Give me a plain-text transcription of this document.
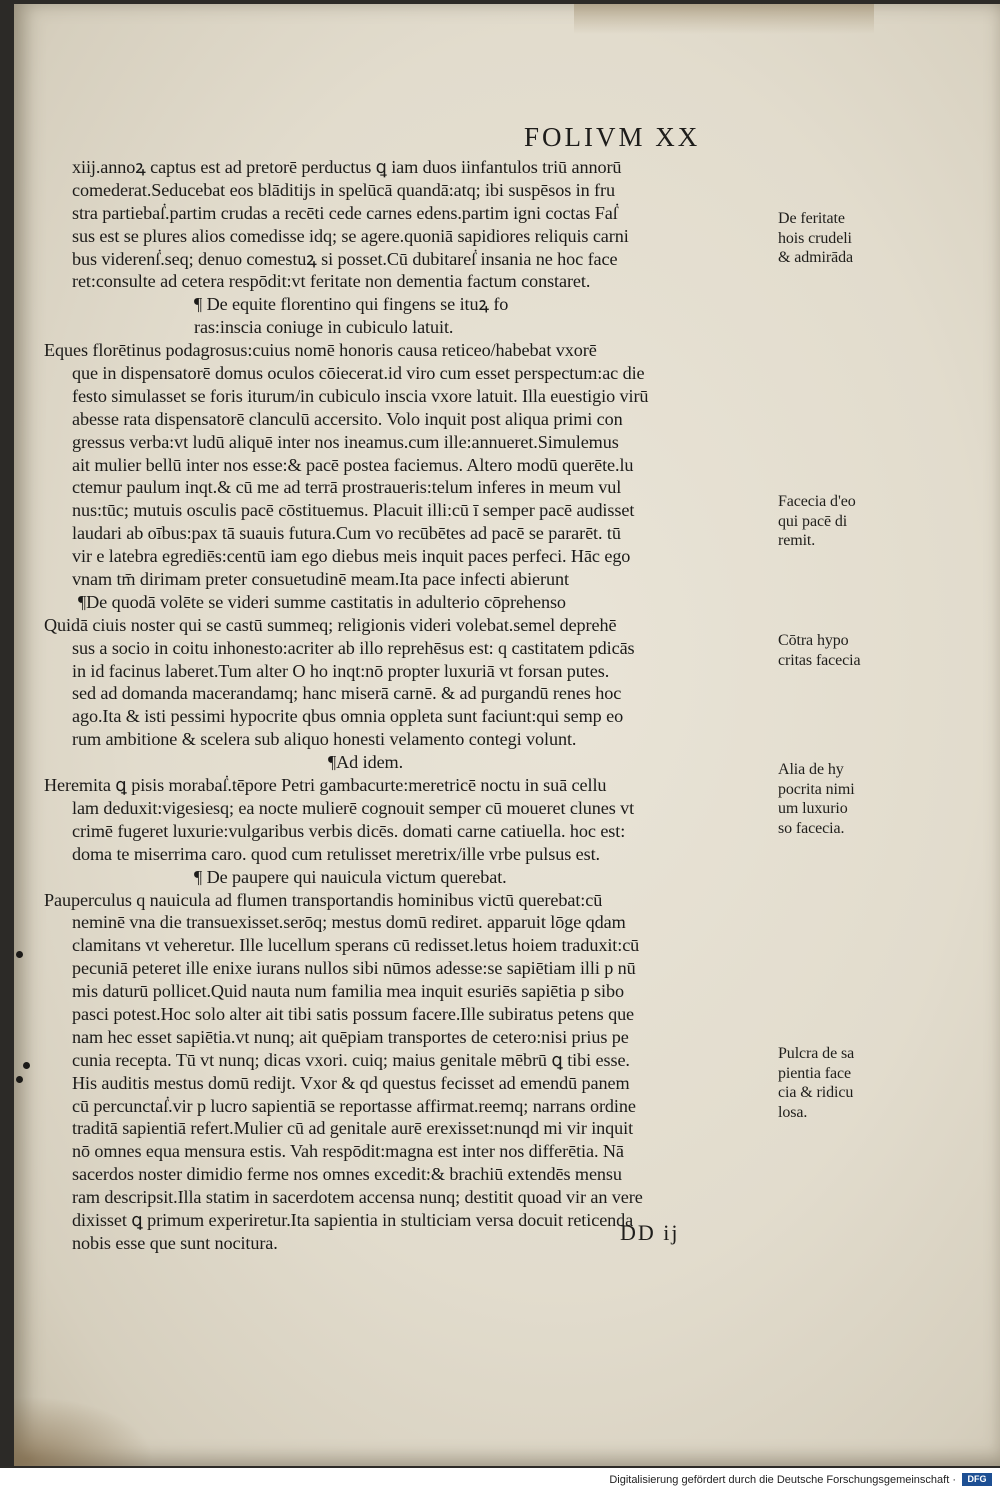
FOLIVM XX
xiij.annoꝝ captus est ad pretorē perductus ꝗ iam duos iinfantulos triū annorū
comederat.Seducebat eos blāditijs in spelūcā quandā:atq; ibi suspēsos in fru
stra partiebaẛ.partim crudas a recēti cede carnes edens.partim igni coctas Faẛ
sus est se plures alios comedisse idq; se agere.quoniā sapidiores reliquis carni
bus viderenẛ.seq; denuo comestuꝝ si posset.Cū dubitareẛ insania ne hoc face
ret:consulte ad cetera respōdit:vt feritate non dementia factum constaret.
¶ De equite florentino qui fingens se ituꝝ fo
ras:inscia coniuge in cubiculo latuit.
Eques florētinus podagrosus:cuius nomē honoris causa reticeo/habebat vxorē
que in dispensatorē domus oculos cōiecerat.id viro cum esset perspectum:ac die
festo simulasset se foris iturum/in cubiculo inscia vxore latuit. Illa euestigio virū
abesse rata dispensatorē clanculū accersito. Volo inquit post aliqua primi con
gressus verba:vt ludū aliquē inter nos ineamus.cum ille:annueret.Simulemus
ait mulier bellū inter nos esse:& pacē postea faciemus. Altero modū querēte.lu
ctemur paulum inqt.& cū me ad terrā prostraueris:telum inferes in meum vul
nus:tūc; mutuis osculis pacē cōstituemus. Placuit illi:cū ī semper pacē audisset
laudari ab oībus:pax tā suauis futura.Cum vo recūbētes ad pacē se pararēt. tū
vir e latebra egrediēs:centū iam ego diebus meis inquit paces perfeci. Hāc ego
vnam tm̄ dirimam preter consuetudinē meam.Ita pace infecti abierunt
¶De quodā volēte se videri summe castitatis in adulterio cōprehenso
Quidā ciuis noster qui se castū summeq; religionis videri volebat.semel deprehē
sus a socio in coitu inhonesto:acriter ab illo reprehēsus est: q castitatem pdicās
in id facinus laberet.Tum alter O ho inqt:nō propter luxuriā vt forsan putes.
sed ad domanda macerandamq; hanc miserā carnē. & ad purgandū renes hoc
ago.Ita & isti pessimi hypocrite qbus omnia oppleta sunt faciunt:qui semp eo
rum ambitione & scelera sub aliquo honesti velamento contegi volunt.
¶Ad idem.
Heremita ꝗ pisis morabaẛ.tēpore Petri gambacurte:meretricē noctu in suā cellu
lam deduxit:vigesiesq; ea nocte mulierē cognouit semper cū moueret clunes vt
crimē fugeret luxurie:vulgaribus verbis dicēs. domati carne catiuella. hoc est:
doma te miserrima caro. quod cum retulisset meretrix/ille vrbe pulsus est.
¶ De paupere qui nauicula victum querebat.
Pauperculus q nauicula ad flumen transportandis hominibus victū querebat:cū
neminē vna die transuexisset.serōq; mestus domū rediret. apparuit lōge qdam
clamitans vt veheretur. Ille lucellum sperans cū redisset.letus hoiem traduxit:cū
pecuniā peteret ille enixe iurans nullos sibi nūmos adesse:se sapiētiam illi p nū
mis daturū pollicet.Quid nauta num familia mea inquit esuriēs sapiētia p sibo
pasci potest.Hoc solo alter ait tibi satis possum facere.Ille subiratus petens que
nam hec esset sapiētia.vt nunq; ait quēpiam transportes de cetero:nisi prius pe
cunia recepta. Tū vt nunq; dicas vxori. cuiq; maius genitale mēbrū ꝗ tibi esse.
His auditis mestus domū redijt. Vxor & qd questus fecisset ad emendū panem
cū percunctaẛ.vir p lucro sapientiā se reportasse affirmat.reemq; narrans ordine
traditā sapientiā refert.Mulier cū ad genitale aurē erexisset:nunqd mi vir inquit
nō omnes equa mensura estis. Vah respōdit:magna est inter nos differētia. Nā
sacerdos noster dimidio ferme nos omnes excedit:& brachiū extendēs mensu
ram descripsit.Illa statim in sacerdotem accensa nunq; destitit quoad vir an vere
dixisset ꝗ primum experiretur.Ita sapientia in stulticiam versa docuit reticenda
nobis esse que sunt nocitura.
De feritate
hois crudeli
& admirāda
Facecia d'eo
qui pacē di
remit.
Cōtra hypo
critas facecia
Alia de hy
pocrita nimi
um luxurio
so facecia.
Pulcra de sa
pientia face
cia & ridicu
losa.
DD ij
Digitalisierung gefördert durch die Deutsche Forschungsgemeinschaft ·	DFG
